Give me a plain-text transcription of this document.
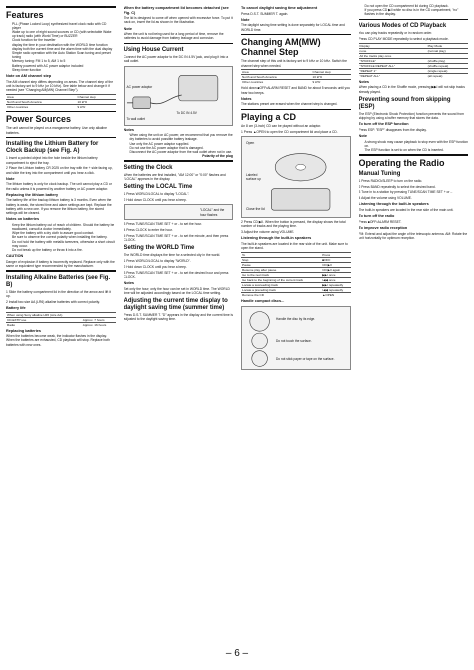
Features
• PLL (Phase Locked Loop) synthesized travel clock radio with CD player
• Wake up to one of eight sound sources or CD (with selectable Wake up track) radio (with World Time) or BUZZER
• Clock function for the traveller
• display the time in your destination with the WORLD time function
• display both the current time and the alarm time with the dual display
• Simple radio operation with the Auto Station Scan tuning and preset tuning
• Memory tuning: FM 1 to 5, AM 1 to 5
• Battery powered with AC power adaptor included
• Sleep timer function
Note on AM channel step

The AM channel step differs depending on areas. The channel step of the unit is factory-set to 9 kHz (or 10 kHz). See table below and change it if needed (see "Changing AM(MW) Channel Step").

Area	Channel step
North and South America	10 kHz
Other countries	9 kHz
Power Sources

The unit cannot be played on a manganese battery. Use only alkaline batteries.

Installing the Lithium Battery for Clock Backup (see Fig. A)

1 Insert a pointed object into the hole beside the lithium battery compartment to eject the tray.

2 Place the Lithium battery CR 2025 on the tray with the + side facing up, and slide the tray into the compartment until you hear a click.

Note

The lithium battery is only for clock backup. The unit cannot play a CD or the radio unless it is powered by another battery or AC power adaptor.

Replacing the lithium battery

The battery life of the backup lithium battery is 3 months. Even when the battery is weak, the stored time and alarm settings are kept. Replace the battery with a new one. If you remove the lithium battery, the stored settings will be cleared.

Notes on batteries
• Keep the lithium battery out of reach of children. Should the battery be swallowed, consult a doctor immediately.
• Wipe the battery with a dry cloth to assure good contact.
• Be sure to observe the correct polarity when installing the battery.
• Do not hold the battery with metallic tweezers, otherwise a short circuit may occur.
• Do not break up the battery or throw it into a fire.
CAUTION

Danger of explosion if battery is incorrectly replaced. Replace only with the same or equivalent type recommended by the manufacturer.

Installing Alkaline Batteries (see Fig. B)

1 Slide the battery compartment lid in the direction of the arrow and lift it up.

2 Install two size AA (LR6) alkaline batteries with correct polarity.

Battery life
When using Sony alkaline LR6 (size AA)	
CD-EXTP use	Approx. 7 hours
Radio	Approx. 16 hours
Replacing batteries

When the batteries become weak, the indicator flashes in the display. When the batteries are exhausted, CD playback will stop. Replace both batteries with new ones.

When the battery compartment lid becomes detached (see Fig. C)

The lid is designed to come off when opened with excessive force. To put it back on, insert the lid as shown in the illustration.

Note

When the unit is not being used for a long period of time, remove the batteries to avoid damage from battery leakage and corrosion.

Using House Current

Connect the AC power adaptor to the DC IN 4.5V jack, and plug it into a wall outlet.

AC power adaptor
To DC IN 4.5V
To wall outlet
Notes
• When using the unit on AC power, we recommend that you remove the dry batteries to avoid possible battery leakage.
• Use only the AC power adaptor supplied.
• Do not use the AC power adaptor that is damaged.
• Disconnect the AC power adaptor from the wall outlet when not in use.
Polarity of the plug
Setting the Clock

When the batteries are first installed, "AM 12:00" or "0:00" flashes and "LOCAL" appears in the display.

Setting the LOCAL Time

1 Press WORLD/LOCAL to display "LOCAL".

2 Hold down CLOCK until you hear a beep.

"LOCAL" and the hour flashes

3 Press TUNE/SCAN TIME SET + or - to set the hour.

4 Press CLOCK to enter the hour.

5 Press TUNE/SCAN TIME SET + or - to set the minute, and then press CLOCK.

Setting the WORLD Time

The WORLD time displays the time for a selected city in the world.

1 Press WORLD/LOCAL to display "WORLD".

2 Hold down CLOCK until you hear a beep.

3 Press TUNE/SCAN TIME SET + or - to set the desired hour and press CLOCK.

Notes

Set only the hour; only the hour can be set in WORLD time. The WORLD time will be adjusted accordingly based on the LOCAL time setting.

Adjusting the current time display to daylight saving time (summer time)

Press D.S.T. SUMMER T. "D" appears in the display and the current time is adjusted to the daylight saving time.

To cancel daylight saving time adjustment

Press D.S.T. SUMMER T. again.

Note

The daylight saving time setting is done separately for LOCAL time and WORLD time.

Changing AM(MW) Channel Step

The channel step of this unit is factory-set to 9 kHz or 10 kHz. Switch the channel step when needed.

Area	Channel step
North and South America	10 kHz
Other countries	9 kHz

Hold down ■OFF•ALARM RESET and BAND for about 5 seconds until you hear two beeps.

Notes

The stations preset are erased when the channel step is changed.

Playing a CD

An 8 cm (3-inch) CD can be played without an adaptor.

1 Press ▲OPEN to open the CD compartment lid and place a CD.

Open
Labeled surface up
Close the lid

2 Press CD ▶II. When the button is pressed, the display shows the total number of tracks and the playing time.

3 Adjust the volume using VOLUME.

Listening through the built-in speakers

The built-in speakers are located in the rear side of the unit. Make sure to open the stand.

To	Press
Stop	■OFF
Pause	CD ▶II
Resume play after pause	CD ▶II again
Go to the next track	▶▶I once
Go back to the beginning of the current track	I◀◀ once
Locate a succeeding track	▶▶I repeatedly
Locate a preceding track	I◀◀ repeatedly
Remove the CD	▲OPEN
Handle compact discs...
Handle the disc by its edge.
Do not touch the surface.
Do not stick paper or tape on the surface.
• Do not open the CD compartment lid during CD playback.
• If you press CD ▶II while no disc is in the CD compartment, "no" flashes in the display.
Various Modes of CD Playback

You can play tracks repeatedly or in random order.

Press CD PLAY MODE repeatedly to select a playback mode.

Display	Play Mode
none	(normal play)
All the tracks play once	
"SHUFFLE"	(shuffle play)
"SHUFFLE REPEAT ALL"	(shuffle repeat)
"REPEAT 1"	(single repeat)
"REPEAT ALL"	(all repeat)
Notes

When placing a CD in the Shuffle mode, pressing ▶▶I will not skip tracks already played.

Preventing sound from skipping (ESP)

The ESP (Electronic Shock Protection) function prevents the sound from skipping by using a buffer memory that stores the data.

To turn off the ESP function

Press ESP. "ESP" disappears from the display.

Note
• A strong shock may cause playback to stop even with the ESP function on.
• The ESP function is set to on when the CD is inserted.
Operating the Radio
Manual Tuning

1 Press RADIO•SLEEP to turn on the radio.

2 Press BAND repeatedly to select the desired band.

3 Tune in to a station by pressing TUNE/SCAN TIME SET + or -.

4 Adjust the volume using VOLUME.

Listening through the built-in speakers

The built-in speakers are located in the rear side of the main unit.

To turn off the radio

Press ■OFF•ALARM RESET.

To improve radio reception

FM: Extend and adjust the angle of the telescopic antenna. AM: Rotate the unit horizontally for optimum reception.

– 6 –
